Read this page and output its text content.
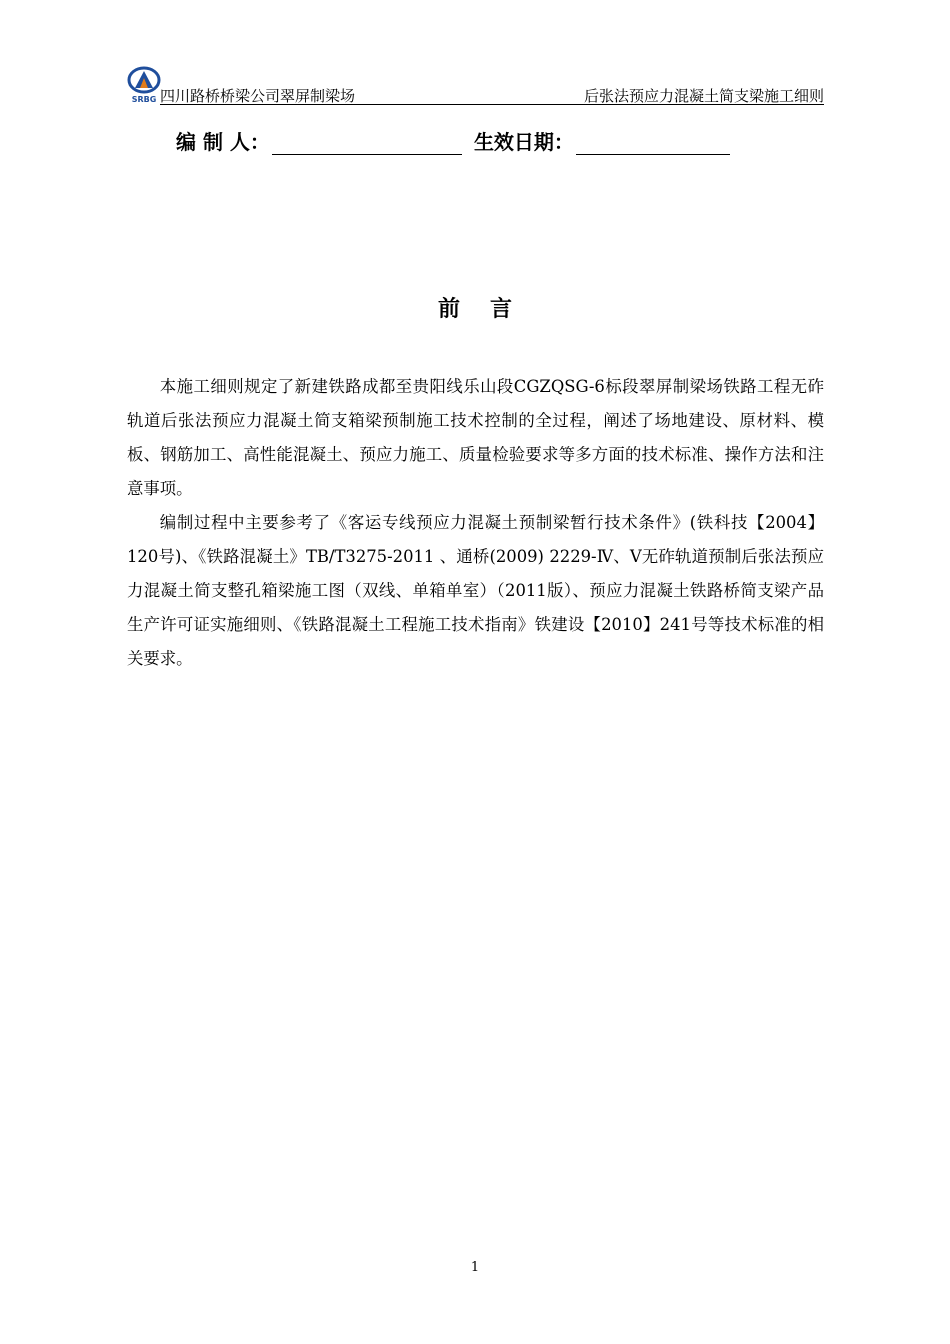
SRBG 四川路桥桥梁公司翠屏制梁场	后张法预应力混凝土简支梁施工细则
编 制 人：	生效日期：
前言

本施工细则规定了新建铁路成都至贵阳线乐山段CGZQSG-6标段翠屏制梁场铁路工程无砟轨道后张法预应力混凝土简支箱梁预制施工技术控制的全过程，阐述了场地建设、原材料、模板、钢筋加工、高性能混凝土、预应力施工、质量检验要求等多方面的技术标准、操作方法和注意事项。

编制过程中主要参考了《客运专线预应力混凝土预制梁暂行技术条件》(铁科技【2004】120号)、《铁路混凝土》TB/T3275-2011 、通桥(2009) 2229-Ⅳ、Ⅴ无砟轨道预制后张法预应力混凝土简支整孔箱梁施工图（双线、单箱单室）（2011版）、预应力混凝土铁路桥简支梁产品生产许可证实施细则、《铁路混凝土工程施工技术指南》铁建设【2010】241号等技术标准的相关要求。

1
